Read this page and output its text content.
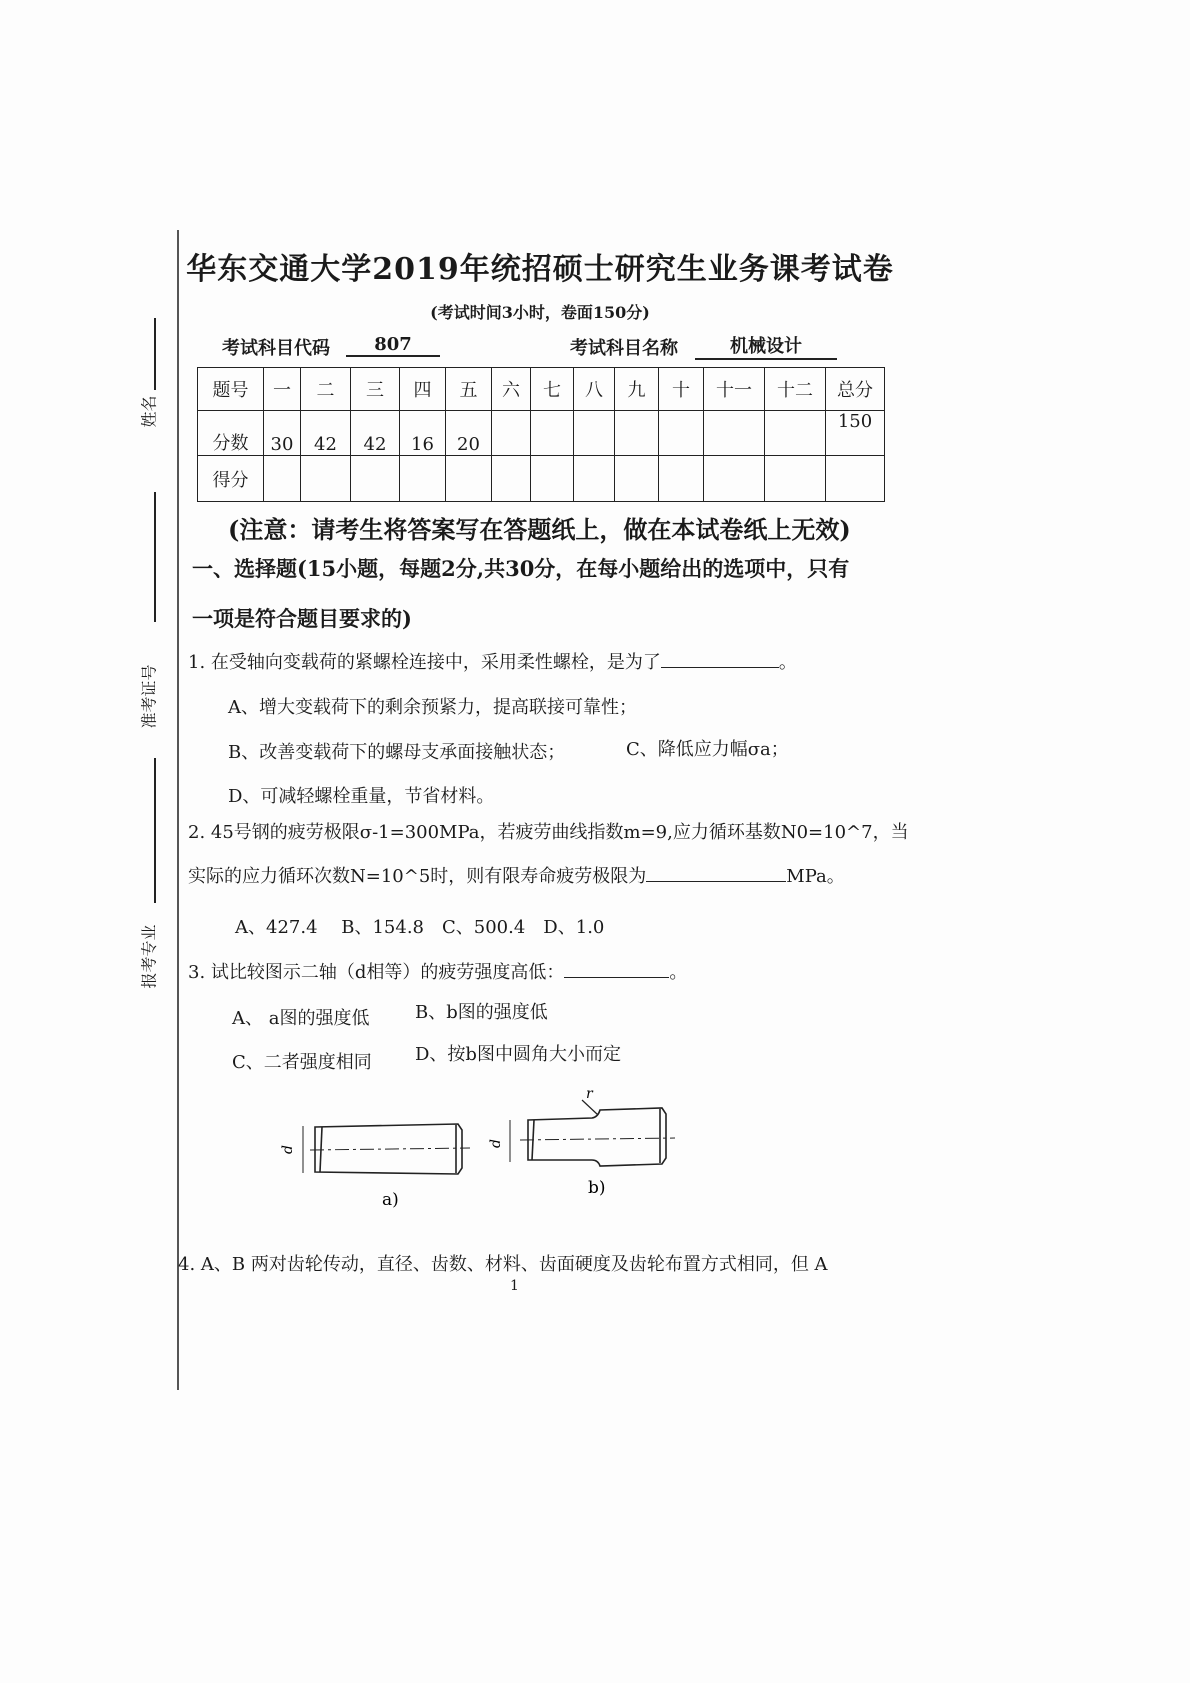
姓名
准考证号
报考专业
华东交通大学2019年统招硕士研究生业务课考试卷
(考试时间3小时，卷面150分)
考试科目代码	807	考试科目名称	机械设计
题号	一	二	三	四	五	六	七	八	九	十	十一	十二	总分
分数	30	42	42	16	20								150
得分													
(注意：请考生将答案写在答题纸上，做在本试卷纸上无效)
一、选择题(15小题，每题2分,共30分，在每小题给出的选项中，只有
一项是符合题目要求的)
1. 在受轴向变载荷的紧螺栓连接中，采用柔性螺栓，是为了	。
A、增大变载荷下的剩余预紧力，提高联接可靠性；
B、改善变载荷下的螺母支承面接触状态；	C、降低应力幅σa；
D、可减轻螺栓重量，节省材料。
2. 45号钢的疲劳极限σ-1=300MPa，若疲劳曲线指数m=9,应力循环基数N0=10^7，当
实际的应力循环次数N=10^5时，则有限寿命疲劳极限为	MPa。
A、427.4　 B、154.8　C、500.4　D、1.0
3. 试比较图示二轴（d相等）的疲劳强度高低：	。
A、 a图的强度低	B、b图的强度低
C、二者强度相同 D、按b图中圆角大小而定
d
d
r
a)
b)
4. A、B 两对齿轮传动，直径、齿数、材料、齿面硬度及齿轮布置方式相同，但 A
1
